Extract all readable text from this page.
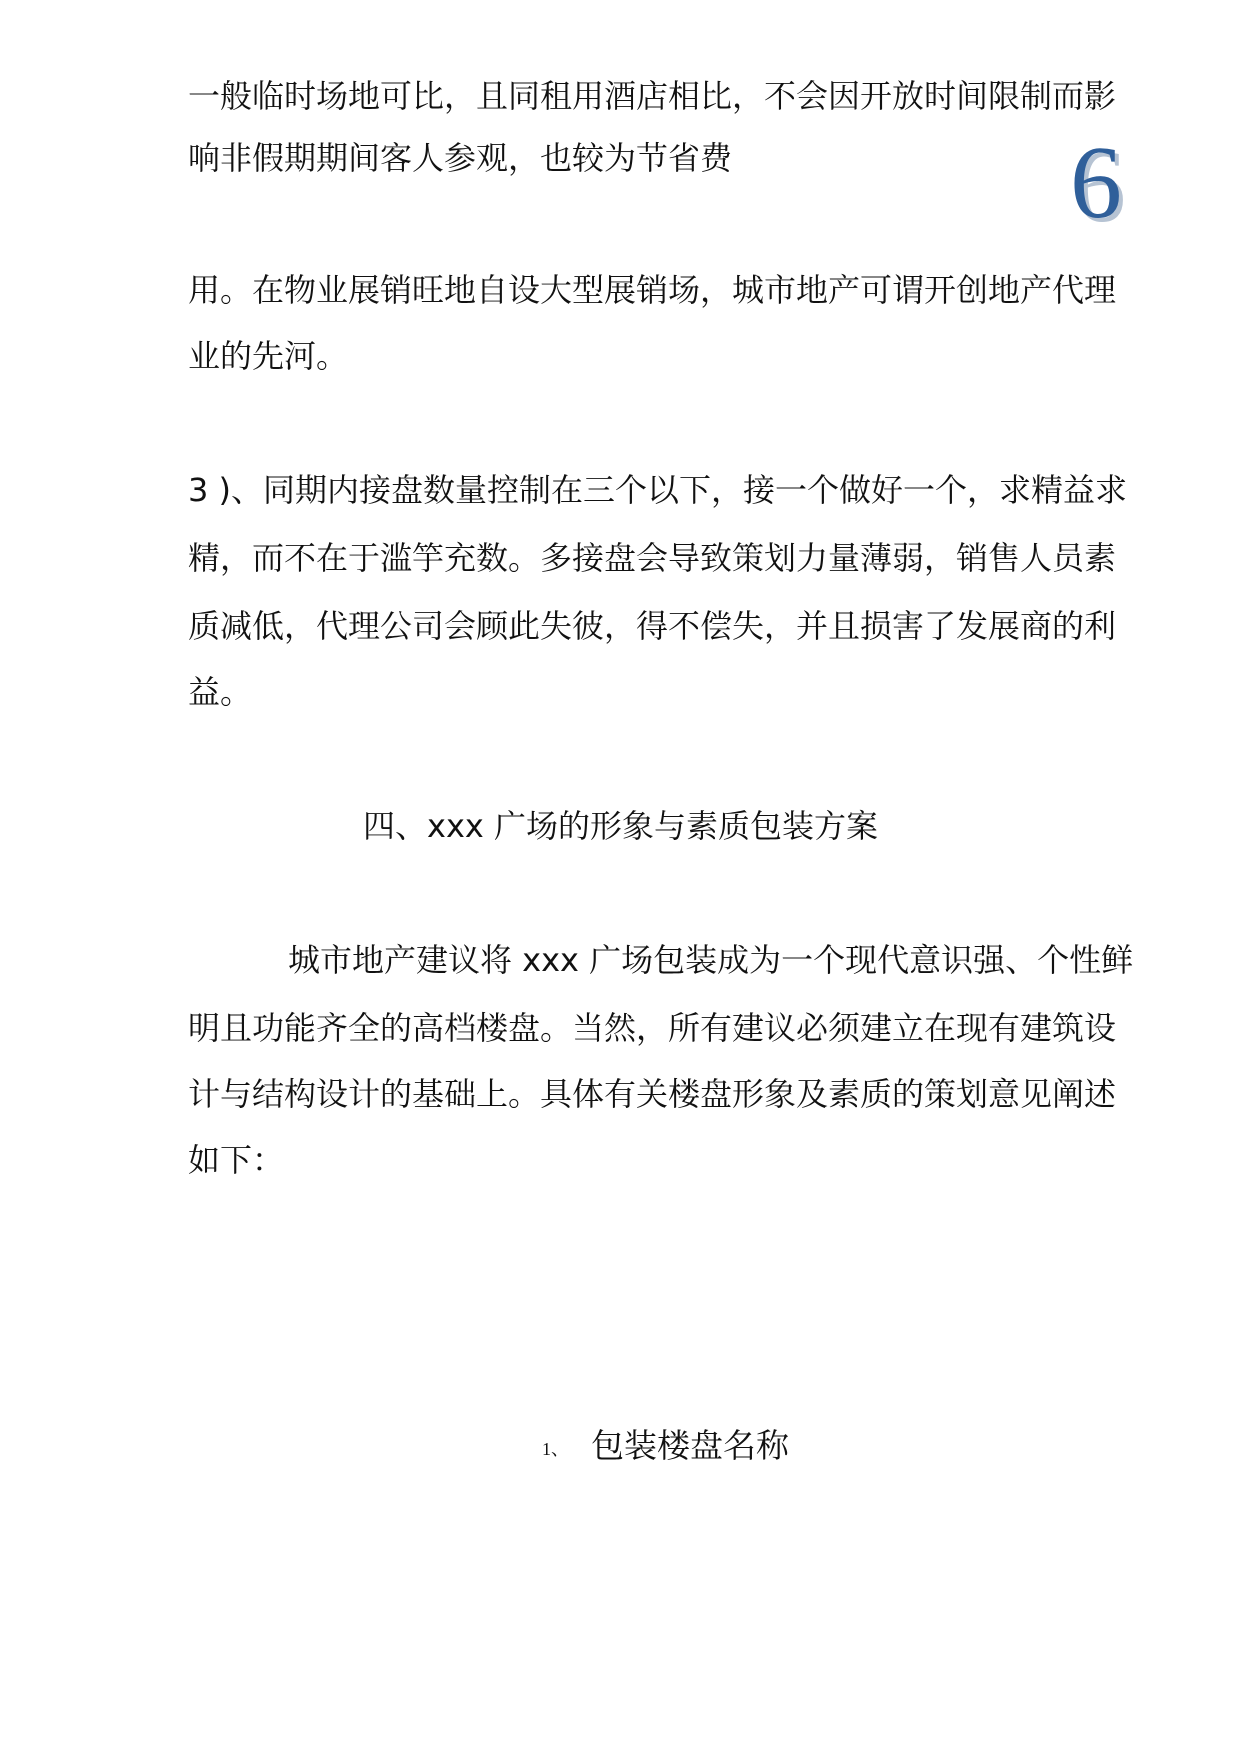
6
一般临时场地可比，且同租用酒店相比，不会因开放时间限制而影
响非假期期间客人参观，也较为节省费
用。在物业展销旺地自设大型展销场，城市地产可谓开创地产代理
业的先河。
3 )、同期内接盘数量控制在三个以下，接一个做好一个，求精益求
精，而不在于滥竽充数。多接盘会导致策划力量薄弱，销售人员素
质减低，代理公司会顾此失彼，得不偿失，并且损害了发展商的利
益。
四、xxx 广场的形象与素质包装方案
城市地产建议将 xxx 广场包装成为一个现代意识强、个性鲜
明且功能齐全的高档楼盘。当然，所有建议必须建立在现有建筑设
计与结构设计的基础上。具体有关楼盘形象及素质的策划意见阐述
如下：
1、 包装楼盘名称
